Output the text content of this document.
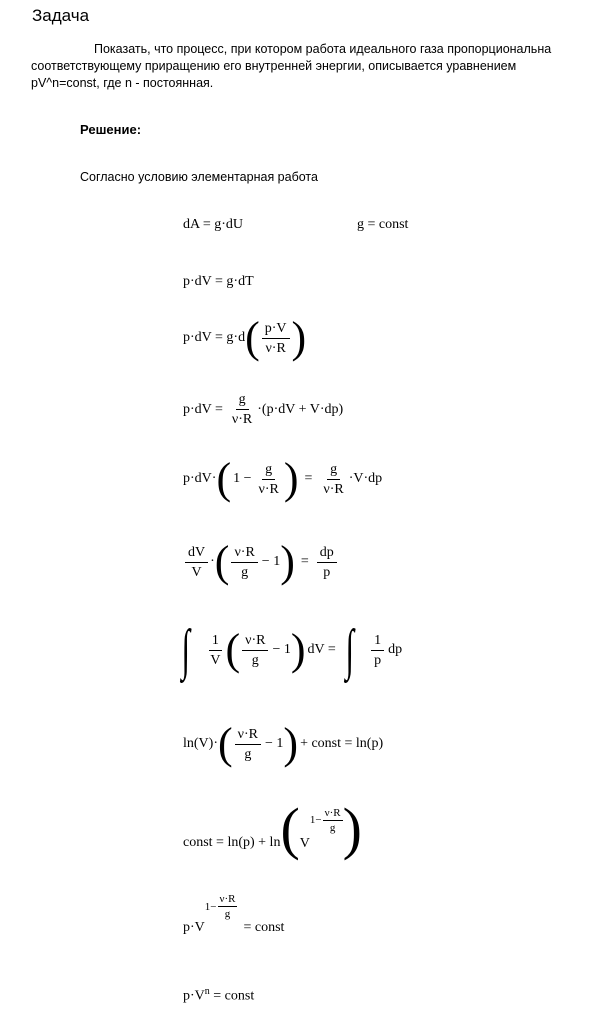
Задача
Показать, что процесс, при котором работа идеального газа пропорциональна
соответствующему приращению его внутренней энергии, описывается уравнением
pV^n=const, где n - постоянная.
Решение:
Согласно условию элементарная работа
dA = g·dU	g = const
p·dV = g·dT
p·dV = g·d ( $\frac{p\cdot V}{\nu\cdot R}$ )
$p\cdot dV = \frac{g}{\nu\cdot R} \cdot(p\cdot dV + V\cdot dp)$
p·dV· ( $1 - \frac{g}{\nu\cdot R}$ ) = $\frac{g}{\nu\cdot R} \cdot V\cdot dp$
$\frac{dV}{V}$ · ( $\frac{\nu\cdot R}{g} - 1$ ) = $\frac{dp}{p}$
∫ $\frac{1}{V}$ ( $\frac{\nu\cdot R}{g} - 1$ ) dV = ∫ $\frac{1}{p}$ dp
ln(V)· ( $\frac{\nu\cdot R}{g} - 1$ ) + const = ln(p)
const = ln(p) + ln ( V
$1- \frac{\nu\cdot R}{g}$ )
p·V
$1- \frac{\nu\cdot R}{g}$
= const
$p\cdot V^n$ = const
